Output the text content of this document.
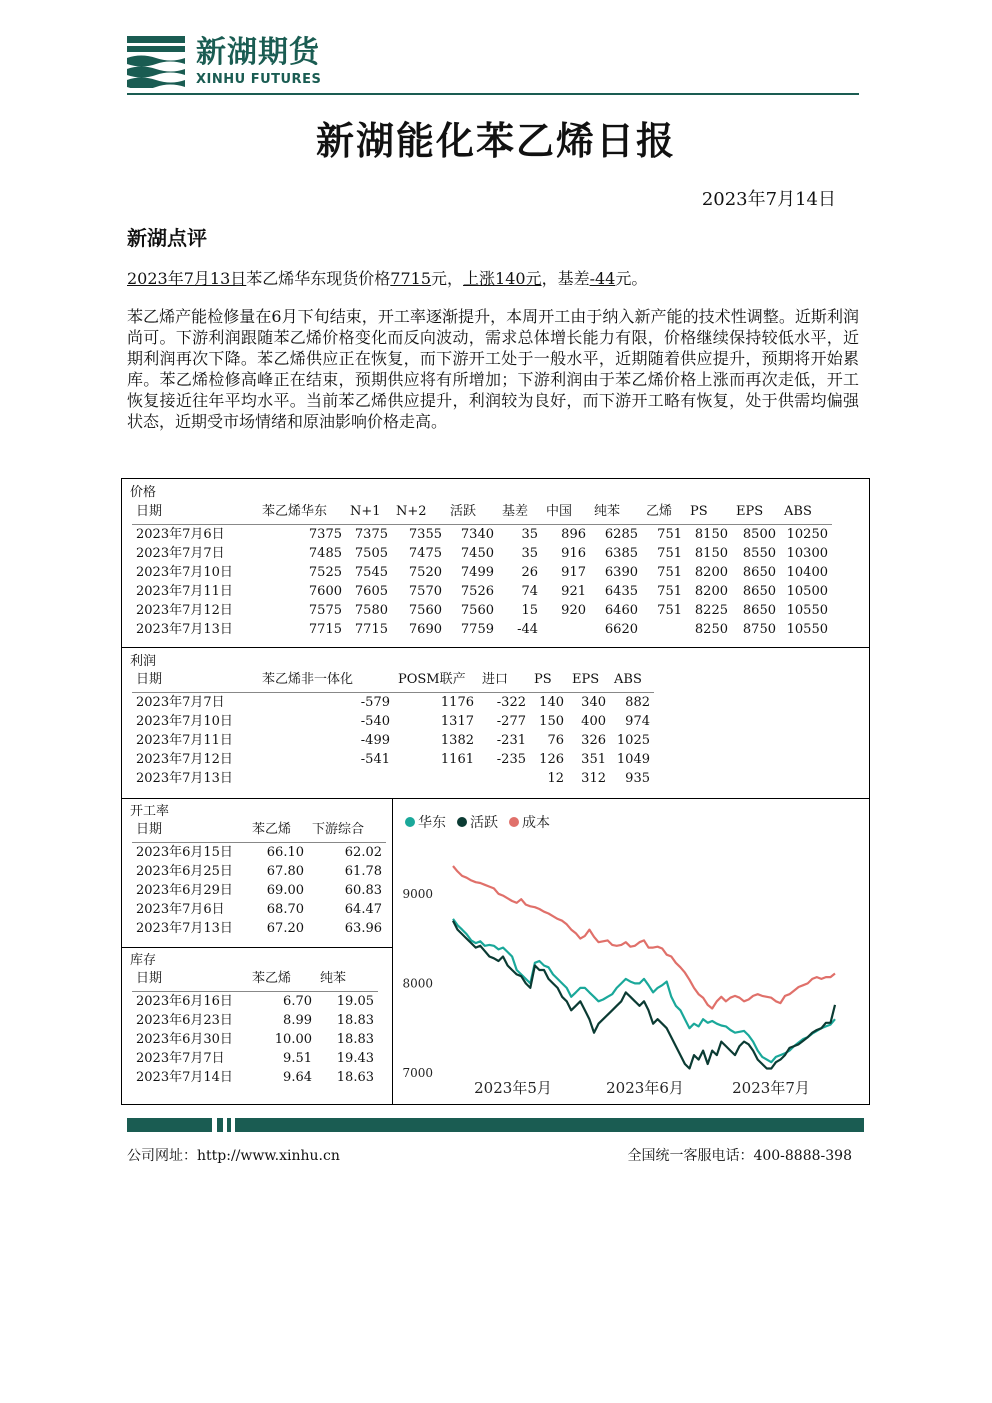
新湖期货
XINHU FUTURES
新湖能化苯乙烯日报
2023年7月14日
新湖点评
2023年7月13日苯乙烯华东现货价格7715元，上涨140元，基差-44元。
苯乙烯产能检修量在6月下旬结束，开工率逐渐提升，本周开工由于纳入新产能的技术性调整。近斯利润尚可。下游利润跟随苯乙烯价格变化而反向波动，需求总体增长能力有限，价格继续保持较低水平，近期利润再次下降。苯乙烯供应正在恢复，而下游开工处于一般水平，近期随着供应提升，预期将开始累库。苯乙烯检修高峰正在结束，预期供应将有所增加；下游利润由于苯乙烯价格上涨而再次走低，开工恢复接近往年平均水平。当前苯乙烯供应提升，利润较为良好，而下游开工略有恢复，处于供需均偏强状态，近期受市场情绪和原油影响价格走高。
价格
日期	苯乙烯华东	N+1	N+2	活跃	基差	中国	纯苯	乙烯	PS	EPS	ABS
2023年7月6日	7375	7375	7355	7340	35	896	6285	751	8150	8500	10250
2023年7月7日	7485	7505	7475	7450	35	916	6385	751	8150	8550	10300
2023年7月10日	7525	7545	7520	7499	26	917	6390	751	8200	8650	10400
2023年7月11日	7600	7605	7570	7526	74	921	6435	751	8200	8650	10500
2023年7月12日	7575	7580	7560	7560	15	920	6460	751	8225	8650	10550
2023年7月13日	7715	7715	7690	7759	-44		6620		8250	8750	10550
利润
日期	苯乙烯非一体化	POSM联产	进口	PS	EPS	ABS
2023年7月7日	-579	1176	-322	140	340	882
2023年7月10日	-540	1317	-277	150	400	974
2023年7月11日	-499	1382	-231	76	326	1025
2023年7月12日	-541	1161	-235	126	351	1049
2023年7月13日				12	312	935
开工率
日期	苯乙烯	下游综合
2023年6月15日	66.10	62.02
2023年6月25日	67.80	61.78
2023年6月29日	69.00	60.83
2023年7月6日	68.70	64.47
2023年7月13日	67.20	63.96
库存
日期	苯乙烯	纯苯
2023年6月16日	6.70	19.05
2023年6月23日	8.99	18.83
2023年6月30日	10.00	18.83
2023年7月7日	9.51	19.43
2023年7月14日	9.64	18.63 7000
8000
9000
2023年5月	2023年6月	2023年7月
华东 活跃 成本
公司网址：http://www.xinhu.cn	全国统一客服电话：400-8888-398
